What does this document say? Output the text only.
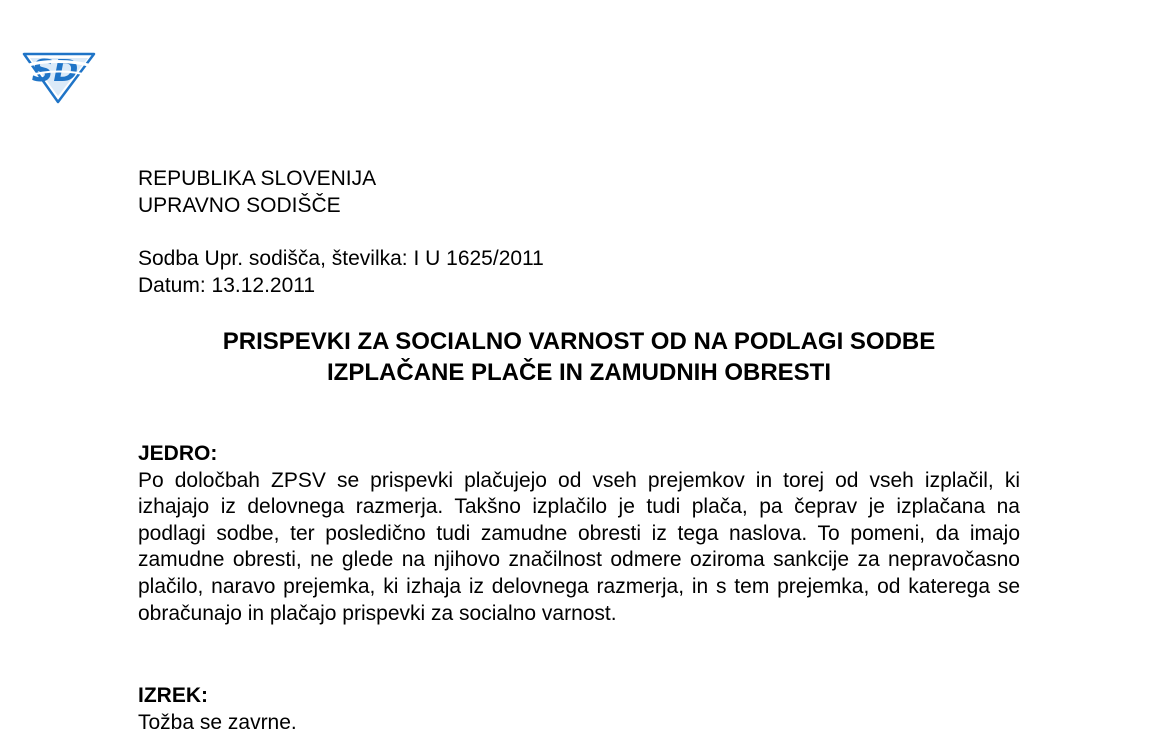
SD
REPUBLIKA SLOVENIJA
UPRAVNO SODIŠČE
Sodba Upr. sodišča, številka: I U 1625/2011
Datum: 13.12.2011
PRISPEVKI ZA SOCIALNO VARNOST OD NA PODLAGI SODBE
IZPLAČANE PLAČE IN ZAMUDNIH OBRESTI
JEDRO:
Po določbah ZPSV se prispevki plačujejo od vseh prejemkov in torej od vseh izplačil, ki izhajajo iz delovnega razmerja. Takšno izplačilo je tudi plača, pa čeprav je izplačana na podlagi sodbe, ter posledično tudi zamudne obresti iz tega naslova. To pomeni, da imajo zamudne obresti, ne glede na njihovo značilnost odmere oziroma sankcije za nepravočasno plačilo, naravo prejemka, ki izhaja iz delovnega razmerja, in s tem prejemka, od katerega se obračunajo in plačajo prispevki za socialno varnost.
IZREK:
Tožba se zavrne.
